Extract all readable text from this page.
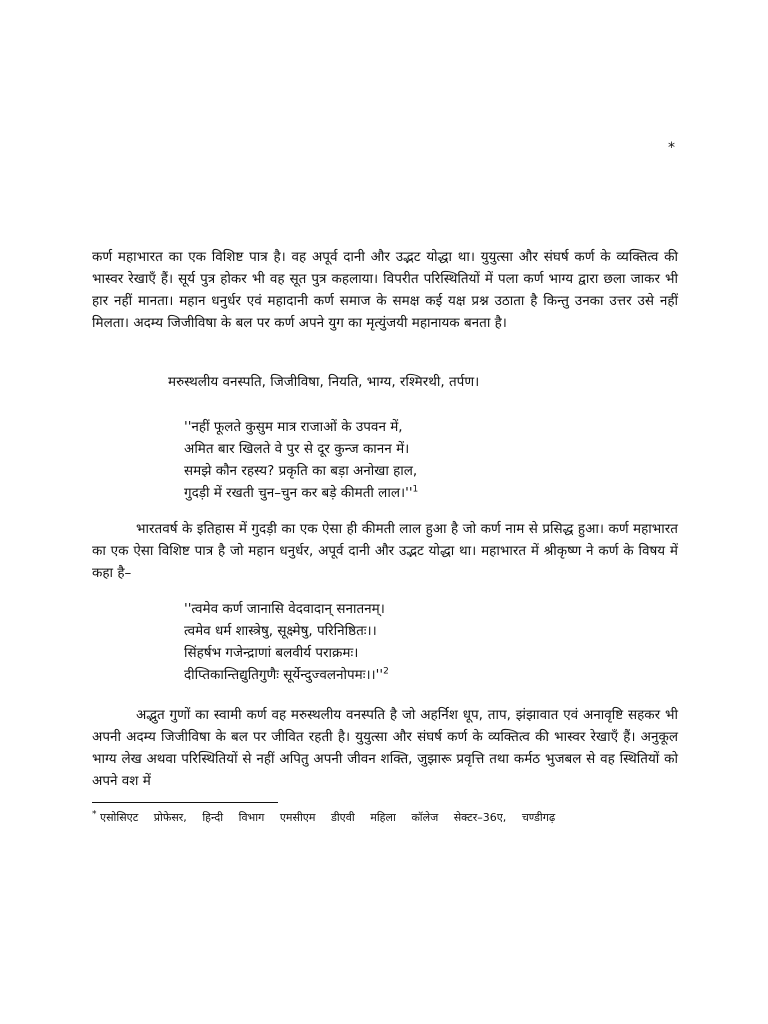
*

कर्ण महाभारत का एक विशिष्ट पात्र है। वह अपूर्व दानी और उद्भट योद्धा था। युयुत्सा और संघर्ष कर्ण के व्यक्तित्व की भास्वर रेखाएँ हैं। सूर्य पुत्र होकर भी वह सूत पुत्र कहलाया। विपरीत परिस्थितियों में पला कर्ण भाग्य द्वारा छला जाकर भी हार नहीं मानता। महान धनुर्धर एवं महादानी कर्ण समाज के समक्ष कई यक्ष प्रश्न उठाता है किन्तु उनका उत्तर उसे नहीं मिलता। अदम्य जिजीविषा के बल पर कर्ण अपने युग का मृत्युंजयी महानायक बनता है।

मरुस्थलीय वनस्पति, जिजीविषा, नियति, भाग्य, रश्मिरथी, तर्पण।
''नहीं फूलते कुसुम मात्र राजाओं के उपवन में,
अमित बार खिलते वे पुर से दूर कुन्ज कानन में।
समझे कौन रहस्य? प्रकृति का बड़ा अनोखा हाल,
गुदड़ी में रखती चुन–चुन कर बड़े कीमती लाल।''$^1$

भारतवर्ष के इतिहास में गुदड़ी का एक ऐसा ही कीमती लाल हुआ है जो कर्ण नाम से प्रसिद्ध हुआ। कर्ण महाभारत का एक ऐसा विशिष्ट पात्र है जो महान धनुर्धर, अपूर्व दानी और उद्भट योद्धा था। महाभारत में श्रीकृष्ण ने कर्ण के विषय में कहा है–

''त्वमेव कर्ण जानासि वेदवादान् सनातनम्।
त्वमेव धर्म शास्त्रेषु, सूक्ष्मेषु, परिनिष्ठितः।।
सिंहर्षभ गजेन्द्राणां बलवीर्य पराक्रमः।
दीप्तिकान्तिद्युतिगुणैः सूर्येन्दुज्वलनोपमः।।''$^2$

अद्भुत गुणों का स्वामी कर्ण वह मरुस्थलीय वनस्पति है जो अहर्निश धूप, ताप, झंझावात एवं अनावृष्टि सहकर भी अपनी अदम्य जिजीविषा के बल पर जीवित रहती है। युयुत्सा और संघर्ष कर्ण के व्यक्तित्व की भास्वर रेखाएँ हैं। अनुकूल भाग्य लेख अथवा परिस्थितियों से नहीं अपितु अपनी जीवन शक्ति, जुझारू प्रवृत्ति तथा कर्मठ भुजबल से वह स्थितियों को अपने वश में

* एसोसिएट प्रोफेसर, हिन्दी विभाग एमसीएम डीएवी महिला कॉलेज सेक्टर–36ए, चण्डीगढ़
